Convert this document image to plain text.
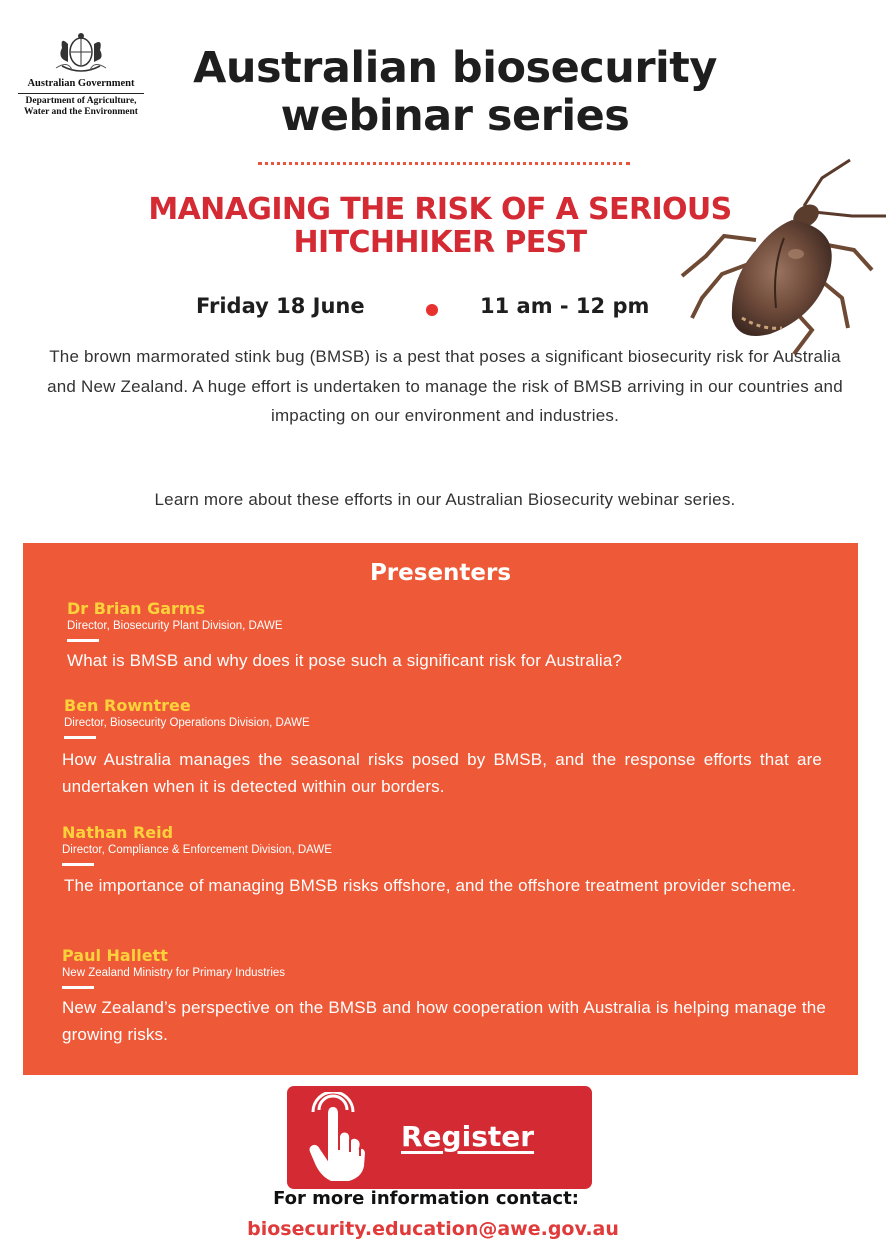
Australian Government
Department of Agriculture,
Water and the Environment
Australian biosecurity webinar series
MANAGING THE RISK OF A SERIOUS HITCHHIKER PEST
Friday 18 June	11 am - 12 pm

The brown marmorated stink bug (BMSB) is a pest that poses a significant biosecurity risk for Australia and New Zealand. A huge effort is undertaken to manage the risk of BMSB arriving in our countries and impacting on our environment and industries.

Learn more about these efforts in our Australian Biosecurity webinar series.

Presenters
Dr Brian Garms
Director, Biosecurity Plant Division, DAWE
What is BMSB and why does it pose such a significant risk for Australia?
Ben Rowntree
Director, Biosecurity Operations Division, DAWE
How Australia manages the seasonal risks posed by BMSB, and the response efforts that are undertaken when it is detected within our borders.
Nathan Reid
Director, Compliance & Enforcement Division, DAWE
The importance of managing BMSB risks offshore, and the offshore treatment provider scheme.
Paul Hallett
New Zealand Ministry for Primary Industries
New Zealand’s perspective on the BMSB and how cooperation with Australia is helping manage the growing risks.
Register
For more information contact:
biosecurity.education@awe.gov.au
